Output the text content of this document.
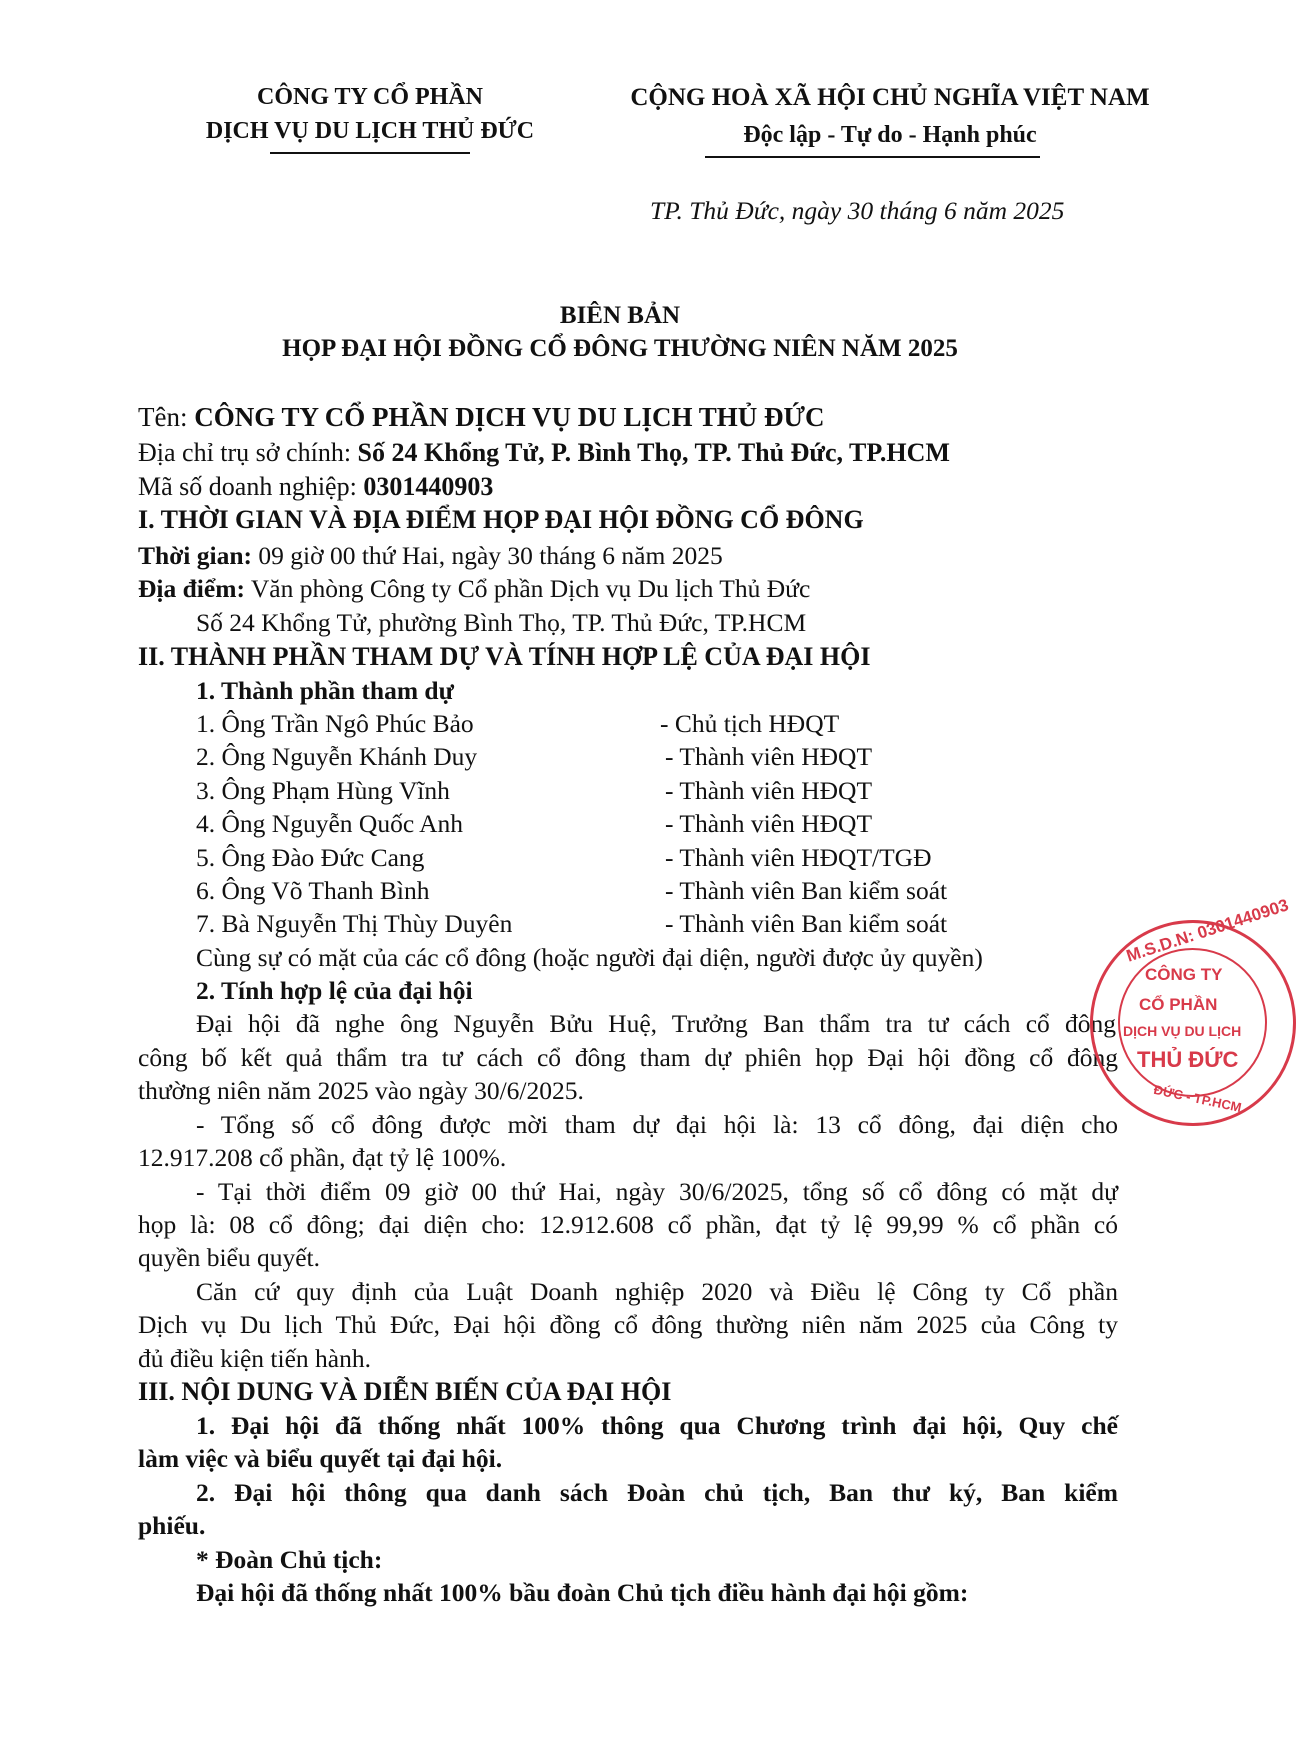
CÔNG TY CỔ PHẦN
DỊCH VỤ DU LỊCH THỦ ĐỨC
CỘNG HOÀ XÃ HỘI CHỦ NGHĨA VIỆT NAM
Độc lập - Tự do - Hạnh phúc
TP. Thủ Đức, ngày 30 tháng 6 năm 2025
BIÊN BẢN
HỌP ĐẠI HỘI ĐỒNG CỔ ĐÔNG THƯỜNG NIÊN NĂM 2025
Tên: CÔNG TY CỔ PHẦN DỊCH VỤ DU LỊCH THỦ ĐỨC
Địa chỉ trụ sở chính: Số 24 Khổng Tử, P. Bình Thọ, TP. Thủ Đức, TP.HCM
Mã số doanh nghiệp: 0301440903
I. THỜI GIAN VÀ ĐỊA ĐIỂM HỌP ĐẠI HỘI ĐỒNG CỔ ĐÔNG
Thời gian: 09 giờ 00 thứ Hai, ngày 30 tháng 6 năm 2025
Địa điểm: Văn phòng Công ty Cổ phần Dịch vụ Du lịch Thủ Đức
Số 24 Khổng Tử, phường Bình Thọ, TP. Thủ Đức, TP.HCM
II. THÀNH PHẦN THAM DỰ VÀ TÍNH HỢP LỆ CỦA ĐẠI HỘI
1. Thành phần tham dự
1. Ông Trần Ngô Phúc Bảo	- Chủ tịch HĐQT
2. Ông Nguyễn Khánh Duy	- Thành viên HĐQT
3. Ông Phạm Hùng Vĩnh	- Thành viên HĐQT
4. Ông Nguyễn Quốc Anh	- Thành viên HĐQT
5. Ông Đào Đức Cang	- Thành viên HĐQT/TGĐ
6. Ông Võ Thanh Bình	- Thành viên Ban kiểm soát
7. Bà Nguyễn Thị Thùy Duyên	- Thành viên Ban kiểm soát
Cùng sự có mặt của các cổ đông (hoặc người đại diện, người được ủy quyền)
2. Tính hợp lệ của đại hội
Đại hội đã nghe ông Nguyễn Bửu Huệ, Trưởng Ban thẩm tra tư cách cổ đông
công bố kết quả thẩm tra tư cách cổ đông tham dự phiên họp Đại hội đồng cổ đông
thường niên năm 2025 vào ngày 30/6/2025.
- Tổng số cổ đông được mời tham dự đại hội là: 13 cổ đông, đại diện cho
12.917.208 cổ phần, đạt tỷ lệ 100%.
- Tại thời điểm 09 giờ 00 thứ Hai, ngày 30/6/2025, tổng số cổ đông có mặt dự
họp là: 08 cổ đông; đại diện cho: 12.912.608 cổ phần, đạt tỷ lệ 99,99 % cổ phần có
quyền biểu quyết.
Căn cứ quy định của Luật Doanh nghiệp 2020 và Điều lệ Công ty Cổ phần
Dịch vụ Du lịch Thủ Đức, Đại hội đồng cổ đông thường niên năm 2025 của Công ty
đủ điều kiện tiến hành.
III. NỘI DUNG VÀ DIỄN BIẾN CỦA ĐẠI HỘI
1. Đại hội đã thống nhất 100% thông qua Chương trình đại hội, Quy chế
làm việc và biểu quyết tại đại hội.
2. Đại hội thông qua danh sách Đoàn chủ tịch, Ban thư ký, Ban kiểm
phiếu.
* Đoàn Chủ tịch:
Đại hội đã thống nhất 100% bầu đoàn Chủ tịch điều hành đại hội gồm:
M.S.D.N: 0301440903
CÔNG TY
CỔ PHẦN
DỊCH VỤ DU LỊCH
THỦ ĐỨC
ĐỨC - TP.HCM
